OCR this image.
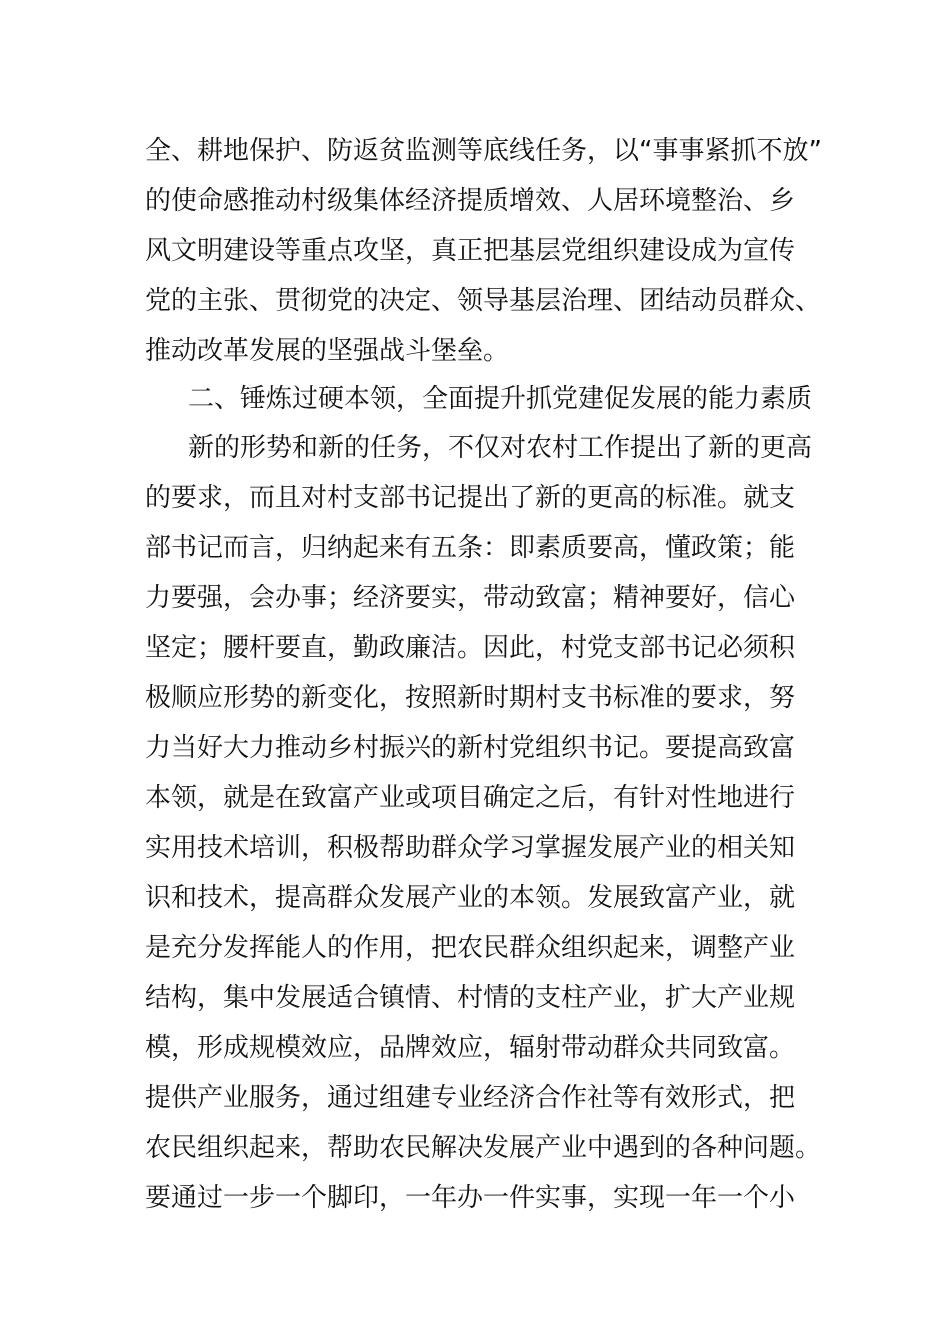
全、耕地保护、防返贫监测等底线任务，以“事事紧抓不放”
的使命感推动村级集体经济提质增效、人居环境整治、乡
风文明建设等重点攻坚，真正把基层党组织建设成为宣传
党的主张、贯彻党的决定、领导基层治理、团结动员群众、
推动改革发展的坚强战斗堡垒。
二、锤炼过硬本领，全面提升抓党建促发展的能力素质
新的形势和新的任务，不仅对农村工作提出了新的更高
的要求，而且对村支部书记提出了新的更高的标准。就支
部书记而言，归纳起来有五条：即素质要高，懂政策；能
力要强，会办事；经济要实，带动致富；精神要好，信心
坚定；腰杆要直，勤政廉洁。因此，村党支部书记必须积
极顺应形势的新变化，按照新时期村支书标准的要求，努
力当好大力推动乡村振兴的新村党组织书记。要提高致富
本领，就是在致富产业或项目确定之后，有针对性地进行
实用技术培训，积极帮助群众学习掌握发展产业的相关知
识和技术，提高群众发展产业的本领。发展致富产业，就
是充分发挥能人的作用，把农民群众组织起来，调整产业
结构，集中发展适合镇情、村情的支柱产业，扩大产业规
模，形成规模效应，品牌效应，辐射带动群众共同致富。
提供产业服务，通过组建专业经济合作社等有效形式，把
农民组织起来，帮助农民解决发展产业中遇到的各种问题。
要通过一步一个脚印，一年办一件实事，实现一年一个小
